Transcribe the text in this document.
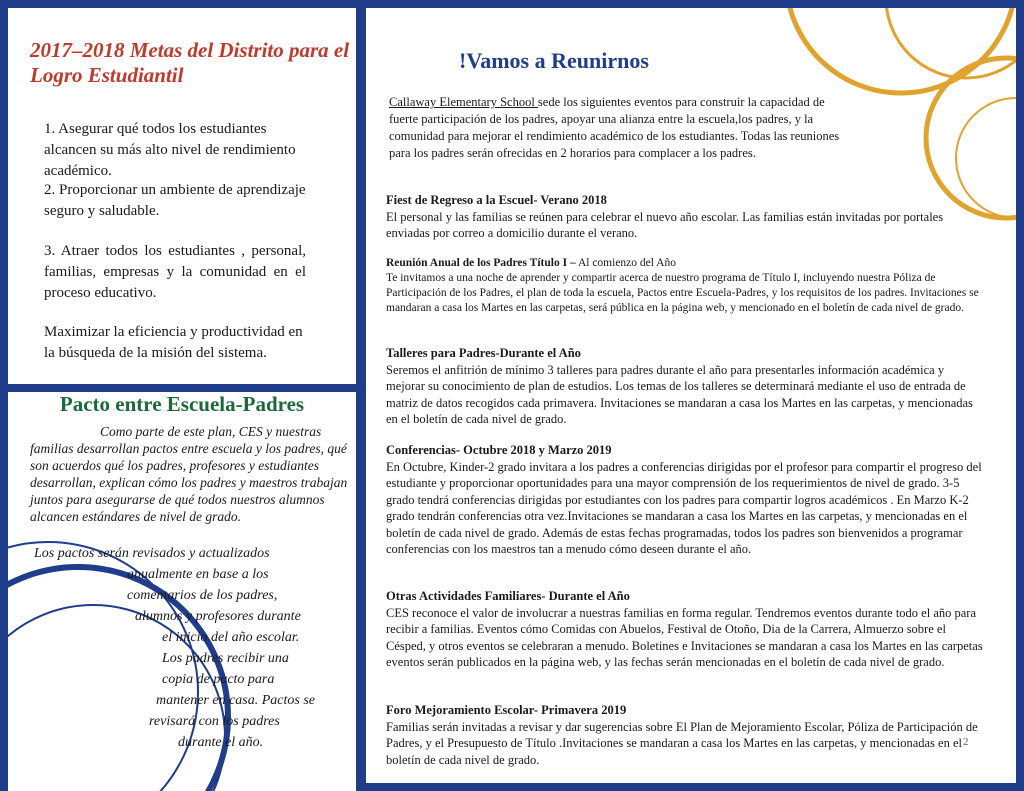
2017–2018 Metas del Distrito para el Logro Estudiantil

1. Asegurar qué todos los estudiantes alcancen su más alto nivel de rendimiento académico.

2. Proporcionar un ambiente de aprendizaje seguro y saludable.

3. Atraer todos los estudiantes , personal, familias, empresas y la comunidad en el proceso educativo.

Maximizar la eficiencia y productividad en la búsqueda de la misión del sistema.

Pacto entre Escuela-Padres

Como parte de este plan, CES y nuestras familias desarrollan pactos entre escuela y los padres, qué son acuerdos qué los padres, profesores y estudiantes desarrollan, explican cómo los padres y maestros trabajan juntos para asegurarse de qué todos nuestros alumnos alcancen estándares de nivel de grado.

Los pactos serán revisados y actualizados

anualmente en base a los

comentarios de los padres,

alumnos y profesores durante

el inicio del año escolar.

Los padres recibir una

copia de pacto para

mantener en casa. Pactos se

revisará con los padres

durante el año.

!Vamos a Reunirnos

Callaway Elementary School sede los siguientes eventos para construir la capacidad de fuerte participación de los padres, apoyar una alianza entre la escuela,los padres, y la comunidad para mejorar el rendimiento académico de los estudiantes. Todas las reuniones para los padres serán ofrecidas en 2 horarios para complacer a los padres.

Fiest de Regreso a la Escuel- Verano 2018
El personal y las familias se reúnen para celebrar el nuevo año escolar. Las familias están invitadas por portales enviadas por correo a domicilio durante el verano.

Reunión Anual de los Padres Título I – Al comienzo del Año
Te invitamos a una noche de aprender y compartir acerca de nuestro programa de Título I, incluyendo nuestra Póliza de Participación de los Padres, el plan de toda la escuela, Pactos entre Escuela-Padres, y los requisitos de los padres. Invitaciones se mandaran a casa los Martes en las carpetas, será pública en la página web, y mencionado en el boletín de cada nivel de grado.

Talleres para Padres-Durante el Año
Seremos el anfitrión de mínimo 3 talleres para padres durante el año para presentarles información académica y mejorar su conocimiento de plan de estudios. Los temas de los talleres se determinará mediante el uso de entrada de matriz de datos recogidos cada primavera. Invitaciones se mandaran a casa los Martes en las carpetas, y mencionadas en el boletín de cada nivel de grado.

Conferencias- Octubre 2018 y Marzo 2019
En Octubre, Kinder-2 grado invitara a los padres a conferencias dirigidas por el profesor para compartir el progreso del estudiante y proporcionar oportunidades para una mayor comprensión de los requerimientos de nivel de grado. 3-5 grado tendrá conferencias dirigidas por estudiantes con los padres para compartir logros académicos . En Marzo K-2 grado tendrán conferencias otra vez.Invitaciones se mandaran a casa los Martes en las carpetas, y mencionadas en el boletín de cada nivel de grado. Además de estas fechas programadas, todos los padres son bienvenidos a programar conferencias con los maestros tan a menudo cómo deseen durante el año.

Otras Actividades Familiares- Durante el Año
CES reconoce el valor de involucrar a nuestras familias en forma regular. Tendremos eventos durante todo el año para recibir a familias. Eventos cómo Comidas con Abuelos, Festival de Otoño, Dia de la Carrera, Almuerzo sobre el Césped, y otros eventos se celebraran a menudo. Boletines e Invitaciones se mandaran a casa los Martes en las carpetas eventos serán publicados en la página web, y las fechas serán mencionadas en el boletín de cada nivel de grado.

Foro Mejoramiento Escolar- Primavera 2019
Familias serán invitadas a revisar y dar sugerencias sobre El Plan de Mejoramiento Escolar, Póliza de Participación de Padres, y el Presupuesto de Título .Invitaciones se mandaran a casa los Martes en las carpetas, y mencionadas en el boletín de cada nivel de grado.

2
